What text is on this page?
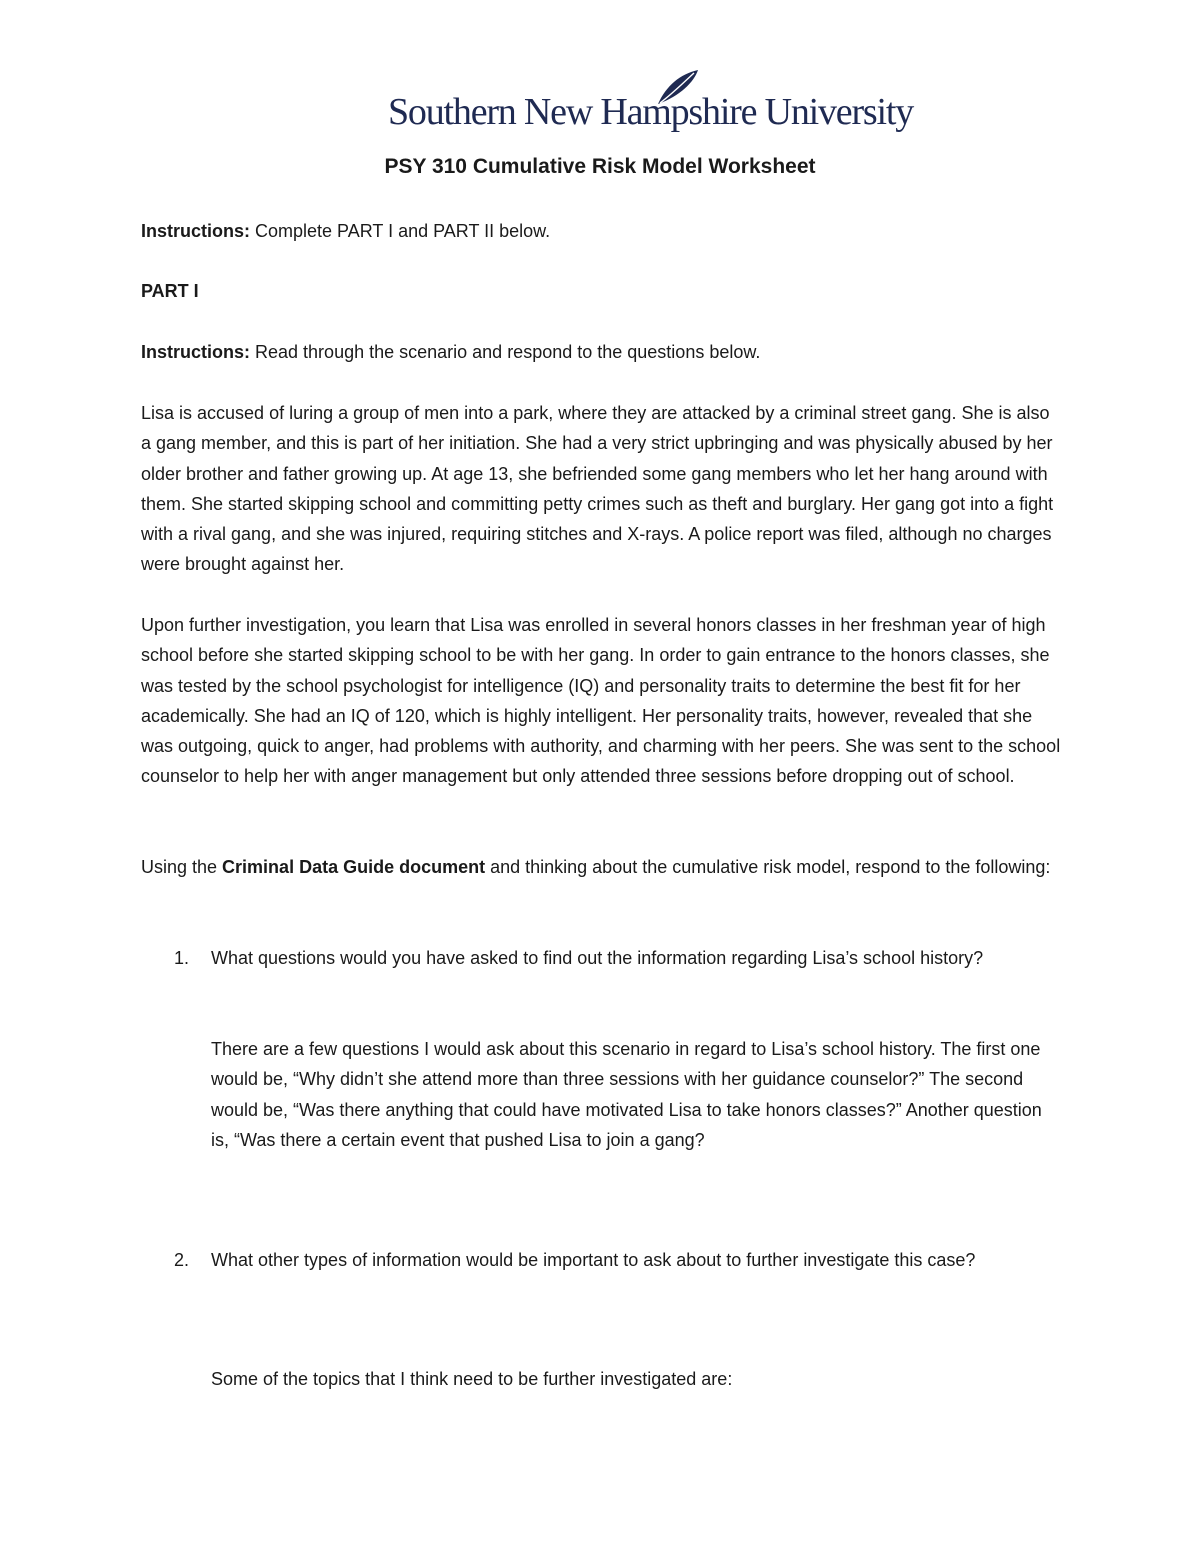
Southern New Hampshire University
PSY 310 Cumulative Risk Model Worksheet
Instructions: Complete PART I and PART II below.
PART I
Instructions: Read through the scenario and respond to the questions below.
Lisa is accused of luring a group of men into a park, where they are attacked by a criminal street gang. She is also a gang member, and this is part of her initiation. She had a very strict upbringing and was physically abused by her older brother and father growing up. At age 13, she befriended some gang members who let her hang around with them. She started skipping school and committing petty crimes such as theft and burglary. Her gang got into a fight with a rival gang, and she was injured, requiring stitches and X-rays. A police report was filed, although no charges were brought against her.
Upon further investigation, you learn that Lisa was enrolled in several honors classes in her freshman year of high school before she started skipping school to be with her gang. In order to gain entrance to the honors classes, she was tested by the school psychologist for intelligence (IQ) and personality traits to determine the best fit for her academically. She had an IQ of 120, which is highly intelligent. Her personality traits, however, revealed that she was outgoing, quick to anger, had problems with authority, and charming with her peers. She was sent to the school counselor to help her with anger management but only attended three sessions before dropping out of school.
Using the Criminal Data Guide document and thinking about the cumulative risk model, respond to the following:
1. What questions would you have asked to find out the information regarding Lisa’s school history?
There are a few questions I would ask about this scenario in regard to Lisa’s school history. The first one would be, “Why didn’t she attend more than three sessions with her guidance counselor?” The second would be, “Was there anything that could have motivated Lisa to take honors classes?” Another question is, “Was there a certain event that pushed Lisa to join a gang?
2. What other types of information would be important to ask about to further investigate this case?
Some of the topics that I think need to be further investigated are:
